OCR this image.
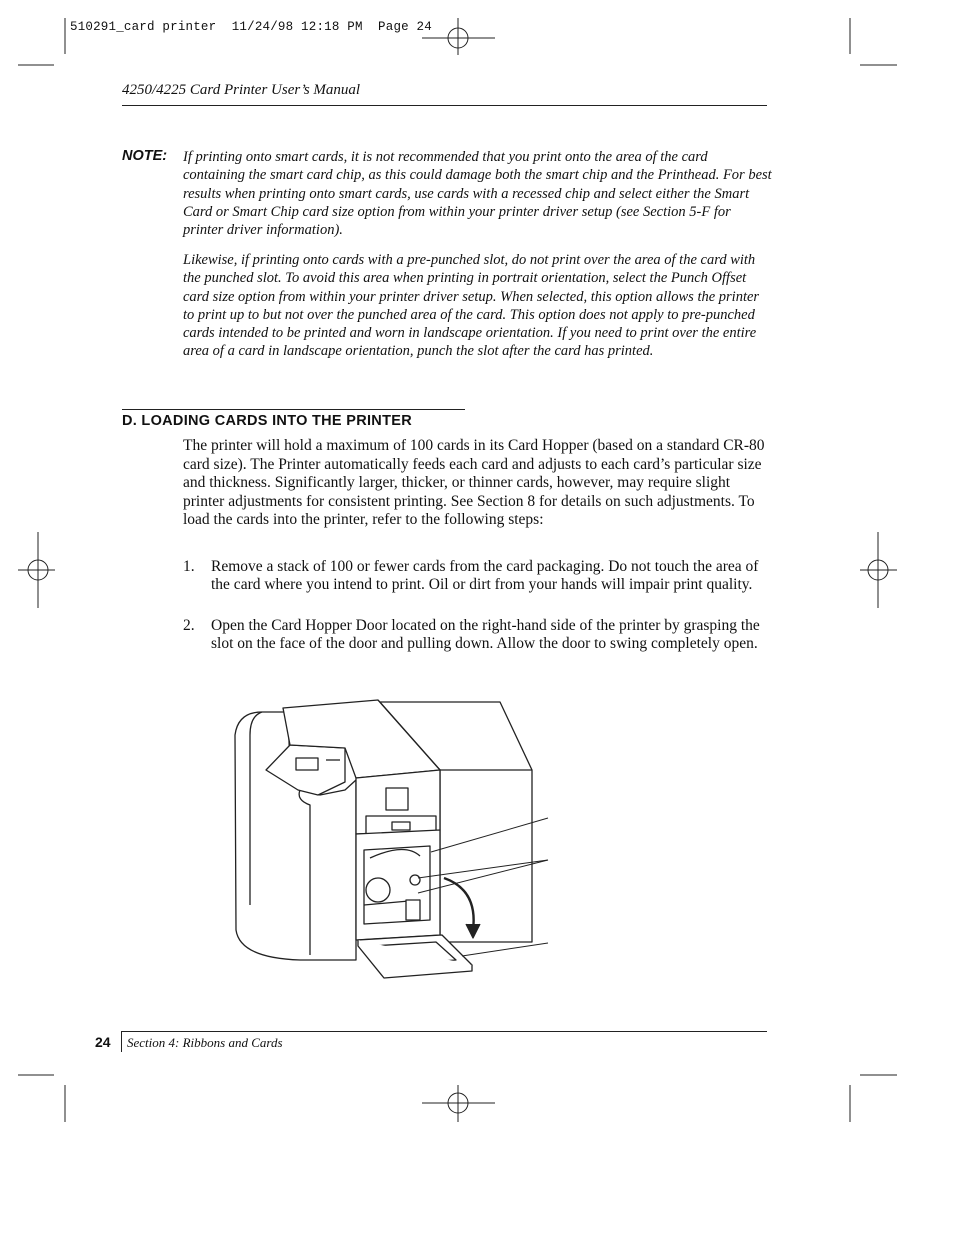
510291_card printer  11/24/98 12:18 PM  Page 24
4250/4225 Card Printer User’s Manual
NOTE: If printing onto smart cards, it is not recommended that you print onto the area of the card containing the smart card chip, as this could damage both the smart chip and the Printhead. For best results when printing onto smart cards, use cards with a recessed chip and select either the Smart Card or Smart Chip card size option from within your printer driver setup (see Section 5-F for printer driver information).
Likewise, if printing onto cards with a pre-punched slot, do not print over the area of the card with the punched slot. To avoid this area when printing in portrait orientation, select the Punch Offset card size option from within your printer driver setup. When selected, this option allows the printer to print up to but not over the punched area of the card. This option does not apply to pre-punched cards intended to be printed and worn in landscape orientation. If you need to print over the entire area of a card in landscape orientation, punch the slot after the card has printed.
D. LOADING CARDS INTO THE PRINTER
The printer will hold a maximum of 100 cards in its Card Hopper (based on a standard CR-80 card size). The Printer automatically feeds each card and adjusts to each card’s particular size and thickness. Significantly larger, thicker, or thinner cards, however, may require slight printer adjustments for consistent printing. See Section 8 for details on such adjustments. To load the cards into the printer, refer to the following steps:
1. Remove a stack of 100 or fewer cards from the card packaging. Do not touch the area of the card where you intend to print. Oil or dirt from your hands will impair print quality.
2. Open the Card Hopper Door located on the right-hand side of the printer by grasping the slot on the face of the door and pulling down. Allow the door to swing completely open.
24 Section 4: Ribbons and Cards
